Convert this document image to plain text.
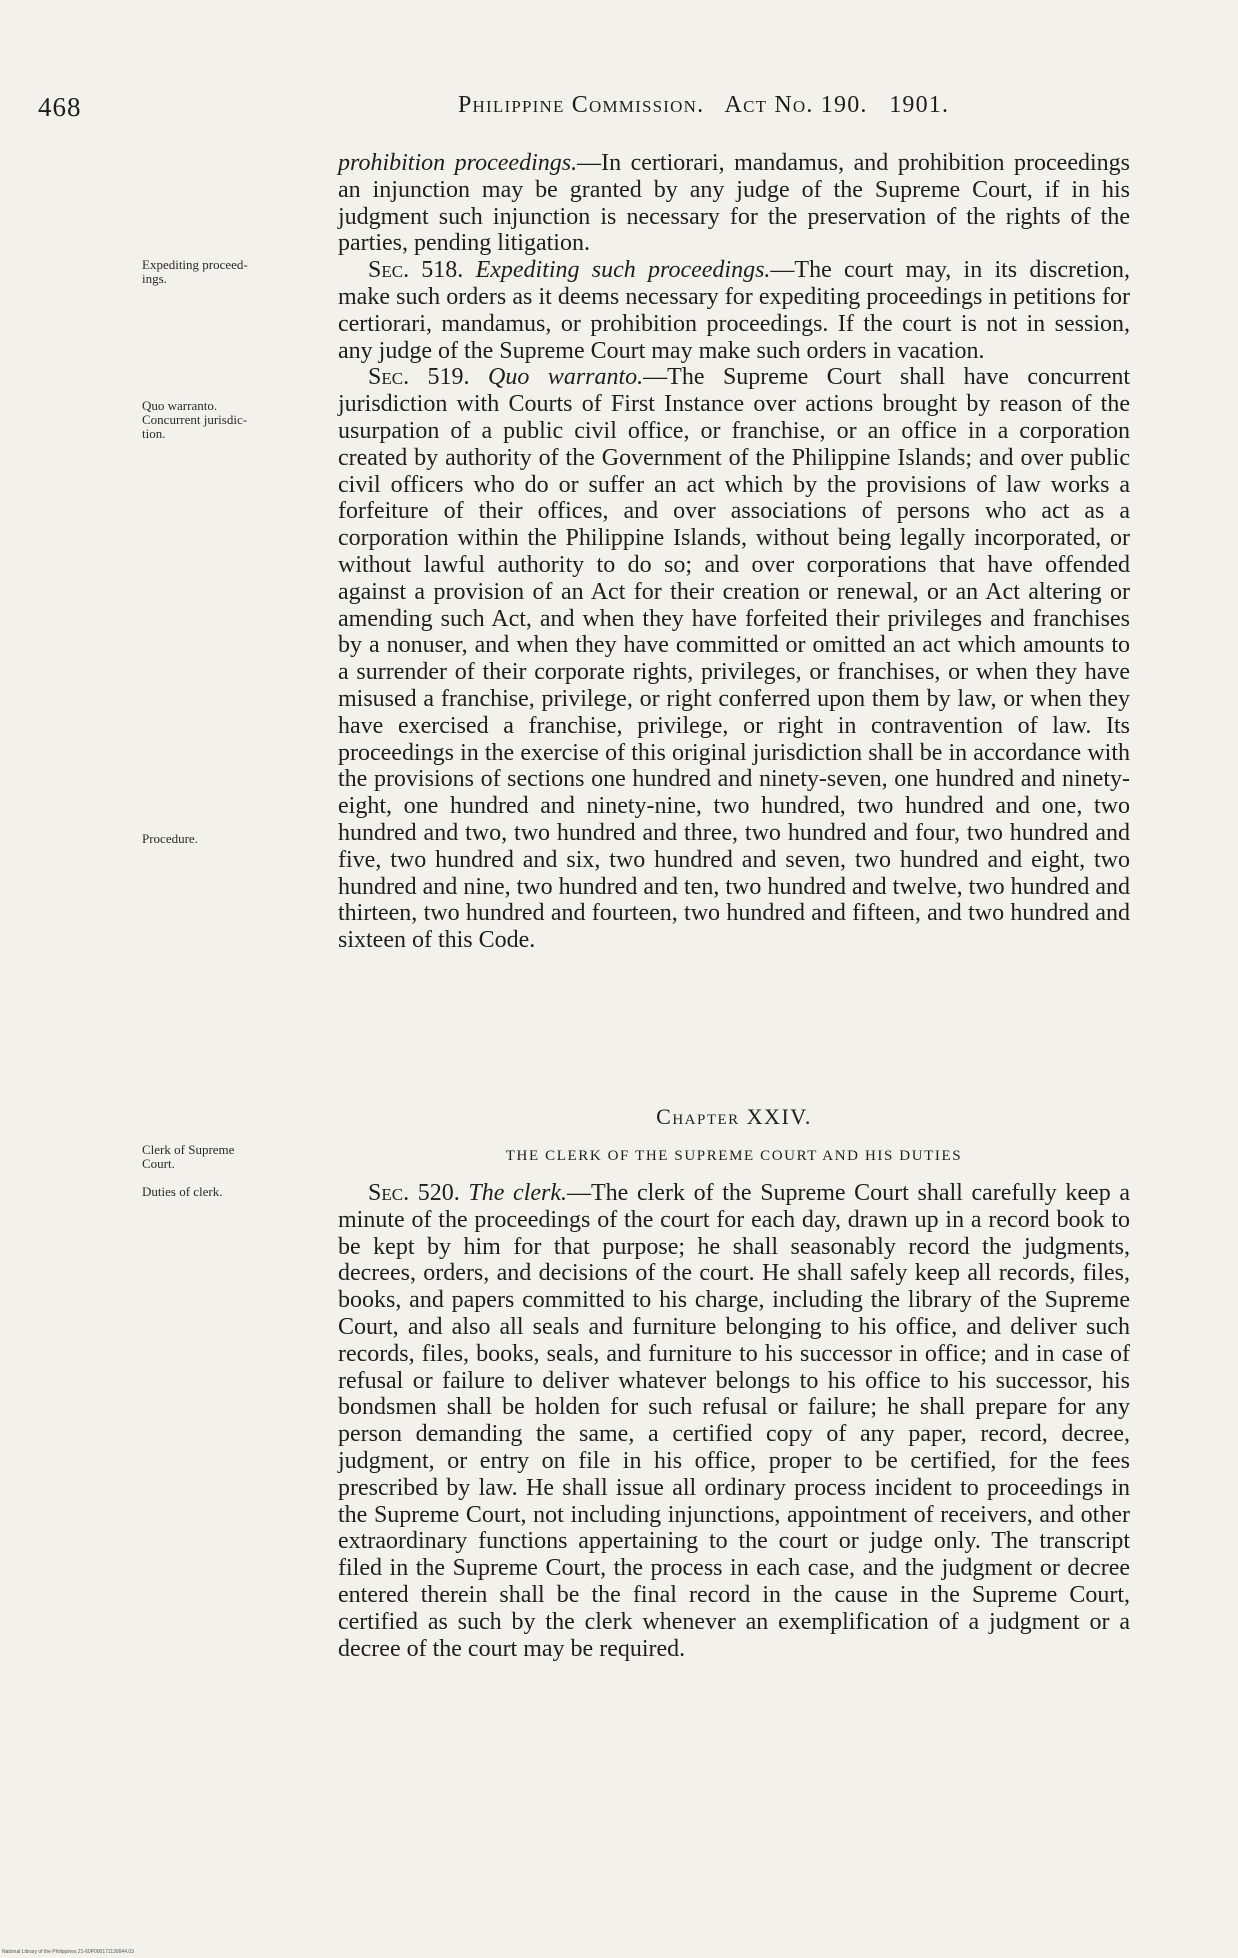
468	Philippine Commission.   Act No. 190.   1901.
Expediting proceed-
ings.
Quo warranto.
Concurrent jurisdic-
tion.
Procedure.
Clerk of Supreme
Court.
Duties of clerk.

prohibition proceedings.—In certiorari, mandamus, and prohibition proceedings an injunction may be granted by any judge of the Supreme Court, if in his judgment such injunction is necessary for the preservation of the rights of the parties, pending litigation.

Sec. 518. Expediting such proceedings.—The court may, in its discretion, make such orders as it deems necessary for expediting proceedings in petitions for certiorari, mandamus, or prohibition proceedings. If the court is not in session, any judge of the Supreme Court may make such orders in vacation.

Sec. 519. Quo warranto.—The Supreme Court shall have concurrent jurisdiction with Courts of First Instance over actions brought by reason of the usurpation of a public civil office, or franchise, or an office in a corporation created by authority of the Government of the Philippine Islands; and over public civil officers who do or suffer an act which by the provisions of law works a forfeiture of their offices, and over associations of persons who act as a corporation within the Philippine Islands, without being legally incorporated, or without lawful authority to do so; and over corporations that have offended against a provision of an Act for their creation or renewal, or an Act altering or amending such Act, and when they have forfeited their privileges and franchises by a nonuser, and when they have committed or omitted an act which amounts to a surrender of their corporate rights, privileges, or franchises, or when they have misused a franchise, privilege, or right conferred upon them by law, or when they have exercised a franchise, privilege, or right in contravention of law. Its proceedings in the exercise of this original jurisdiction shall be in accordance with the provisions of sections one hundred and ninety-seven, one hundred and ninety-eight, one hundred and ninety-nine, two hundred, two hundred and one, two hundred and two, two hundred and three, two hundred and four, two hundred and five, two hundred and six, two hundred and seven, two hundred and eight, two hundred and nine, two hundred and ten, two hundred and twelve, two hundred and thirteen, two hundred and fourteen, two hundred and fifteen, and two hundred and sixteen of this Code.

Chapter XXIV.
THE CLERK OF THE SUPREME COURT AND HIS DUTIES

Sec. 520. The clerk.—The clerk of the Supreme Court shall carefully keep a minute of the proceedings of the court for each day, drawn up in a record book to be kept by him for that purpose; he shall seasonably record the judgments, decrees, orders, and decisions of the court. He shall safely keep all records, files, books, and papers committed to his charge, including the library of the Supreme Court, and also all seals and furniture belonging to his office, and deliver such records, files, books, seals, and furniture to his successor in office; and in case of refusal or failure to deliver whatever belongs to his office to his successor, his bondsmen shall be holden for such refusal or failure; he shall prepare for any person demanding the same, a certified copy of any paper, record, decree, judgment, or entry on file in his office, proper to be certified, for the fees prescribed by law. He shall issue all ordinary process incident to proceedings in the Supreme Court, not including injunctions, appointment of receivers, and other extraordinary functions appertaining to the court or judge only. The transcript filed in the Supreme Court, the process in each case, and the judgment or decree entered therein shall be the final record in the cause in the Supreme Court, certified as such by the clerk whenever an exemplification of a judgment or a decree of the court may be required.

National Library of the Philippines 21-60P000171130044.03
